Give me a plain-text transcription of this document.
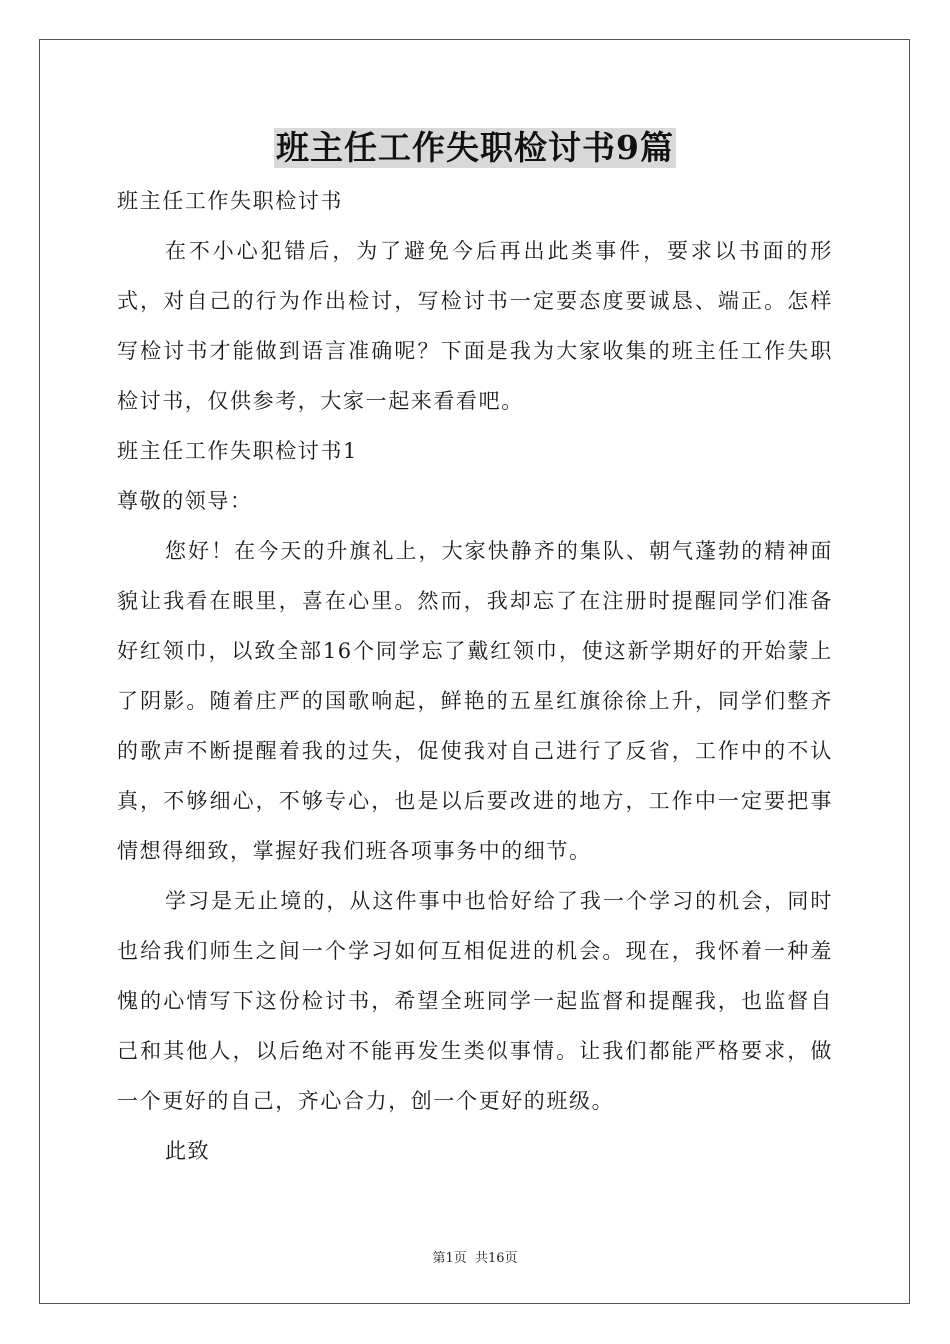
班主任工作失职检讨书9篇

班主任工作失职检讨书

在不小心犯错后，为了避免今后再出此类事件，要求以书面的形式，对自己的行为作出检讨，写检讨书一定要态度要诚恳、端正。怎样写检讨书才能做到语言准确呢？下面是我为大家收集的班主任工作失职检讨书，仅供参考，大家一起来看看吧。

班主任工作失职检讨书1

尊敬的领导：

您好！在今天的升旗礼上，大家快静齐的集队、朝气蓬勃的精神面貌让我看在眼里，喜在心里。然而，我却忘了在注册时提醒同学们准备好红领巾，以致全部16个同学忘了戴红领巾，使这新学期好的开始蒙上了阴影。随着庄严的国歌响起，鲜艳的五星红旗徐徐上升，同学们整齐的歌声不断提醒着我的过失，促使我对自己进行了反省，工作中的不认真，不够细心，不够专心，也是以后要改进的地方，工作中一定要把事情想得细致，掌握好我们班各项事务中的细节。

学习是无止境的，从这件事中也恰好给了我一个学习的机会，同时也给我们师生之间一个学习如何互相促进的机会。现在，我怀着一种羞愧的心情写下这份检讨书，希望全班同学一起监督和提醒我，也监督自己和其他人，以后绝对不能再发生类似事情。让我们都能严格要求，做一个更好的自己，齐心合力，创一个更好的班级。

此致

第1页 共16页
